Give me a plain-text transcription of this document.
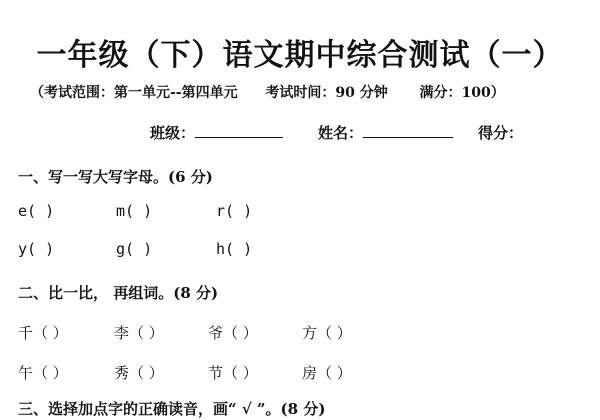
一年级（下）语文期中综合测试（一）
（考试范围：第一单元--第四单元 考试时间：90 分钟 满分：100）
班级：	姓名：	得分：
一、写一写大写字母。(6 分)
e( )	m( )	r( )
y( )	g( )	h( )
二、比一比， 再组词。(8 分)
千（ ）	李（ ）	爷（ ）	方（ ）
午（ ）	秀（ ）	节（ ）	房（ ）
三、选择加点字的正确读音，画“ √ ”。(8 分)
